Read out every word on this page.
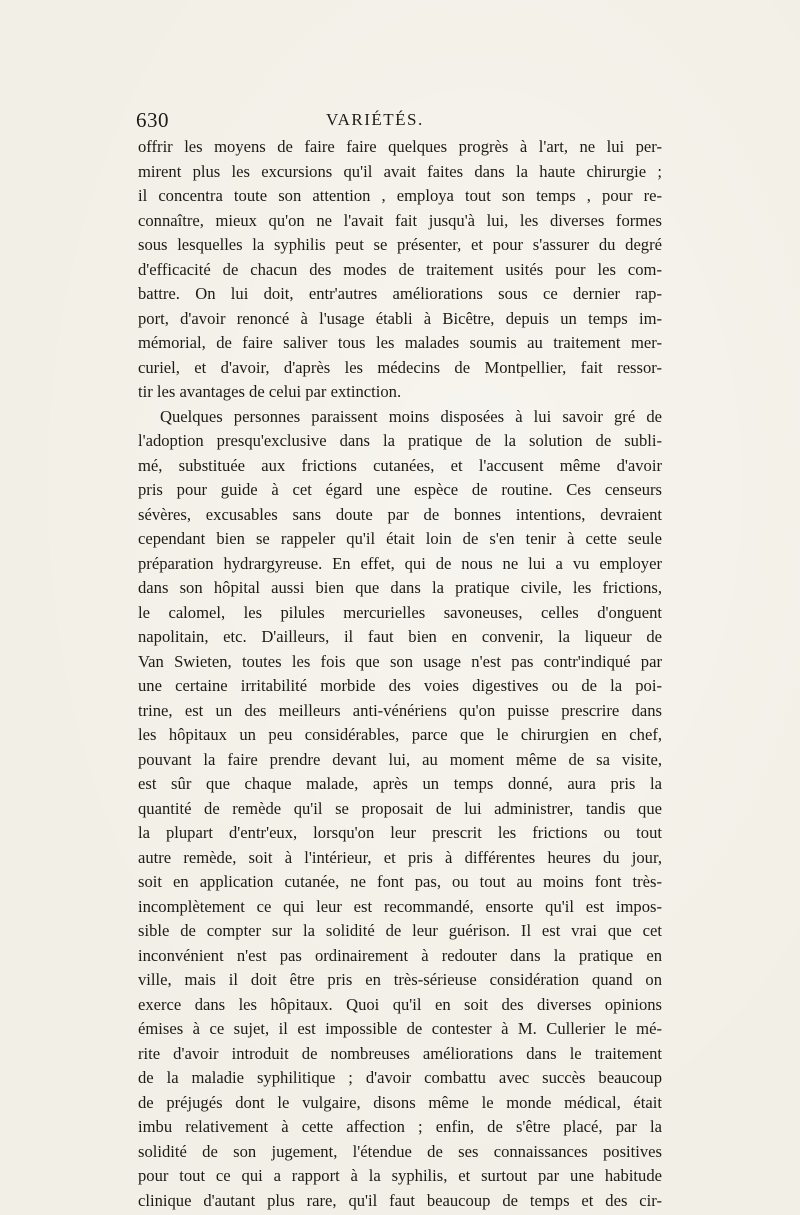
630	VARIÉTÉS.
offrir les moyens de faire faire quelques progrès à l'art, ne lui per-
mirent plus les excursions qu'il avait faites dans la haute chirurgie ;
il concentra toute son attention , employa tout son temps , pour re-
connaître, mieux qu'on ne l'avait fait jusqu'à lui, les diverses formes
sous lesquelles la syphilis peut se présenter, et pour s'assurer du degré
d'efficacité de chacun des modes de traitement usités pour les com-
battre. On lui doit, entr'autres améliorations sous ce dernier rap-
port, d'avoir renoncé à l'usage établi à Bicêtre, depuis un temps im-
mémorial, de faire saliver tous les malades soumis au traitement mer-
curiel, et d'avoir, d'après les médecins de Montpellier, fait ressor-
tir les avantages de celui par extinction.
Quelques personnes paraissent moins disposées à lui savoir gré de
l'adoption presqu'exclusive dans la pratique de la solution de subli-
mé, substituée aux frictions cutanées, et l'accusent même d'avoir
pris pour guide à cet égard une espèce de routine. Ces censeurs
sévères, excusables sans doute par de bonnes intentions, devraient
cependant bien se rappeler qu'il était loin de s'en tenir à cette seule
préparation hydrargyreuse. En effet, qui de nous ne lui a vu employer
dans son hôpital aussi bien que dans la pratique civile, les frictions,
le calomel, les pilules mercurielles savoneuses, celles d'onguent
napolitain, etc. D'ailleurs, il faut bien en convenir, la liqueur de
Van Swieten, toutes les fois que son usage n'est pas contr'indiqué par
une certaine irritabilité morbide des voies digestives ou de la poi-
trine, est un des meilleurs anti-vénériens qu'on puisse prescrire dans
les hôpitaux un peu considérables, parce que le chirurgien en chef,
pouvant la faire prendre devant lui, au moment même de sa visite,
est sûr que chaque malade, après un temps donné, aura pris la
quantité de remède qu'il se proposait de lui administrer, tandis que
la plupart d'entr'eux, lorsqu'on leur prescrit les frictions ou tout
autre remède, soit à l'intérieur, et pris à différentes heures du jour,
soit en application cutanée, ne font pas, ou tout au moins font très-
incomplètement ce qui leur est recommandé, ensorte qu'il est impos-
sible de compter sur la solidité de leur guérison. Il est vrai que cet
inconvénient n'est pas ordinairement à redouter dans la pratique en
ville, mais il doit être pris en très-sérieuse considération quand on
exerce dans les hôpitaux. Quoi qu'il en soit des diverses opinions
émises à ce sujet, il est impossible de contester à M. Cullerier le mé-
rite d'avoir introduit de nombreuses améliorations dans le traitement
de la maladie syphilitique ; d'avoir combattu avec succès beaucoup
de préjugés dont le vulgaire, disons même le monde médical, était
imbu relativement à cette affection ; enfin, de s'être placé, par la
solidité de son jugement, l'étendue de ses connaissances positives
pour tout ce qui a rapport à la syphilis, et surtout par une habitude
clinique d'autant plus rare, qu'il faut beaucoup de temps et des cir-
